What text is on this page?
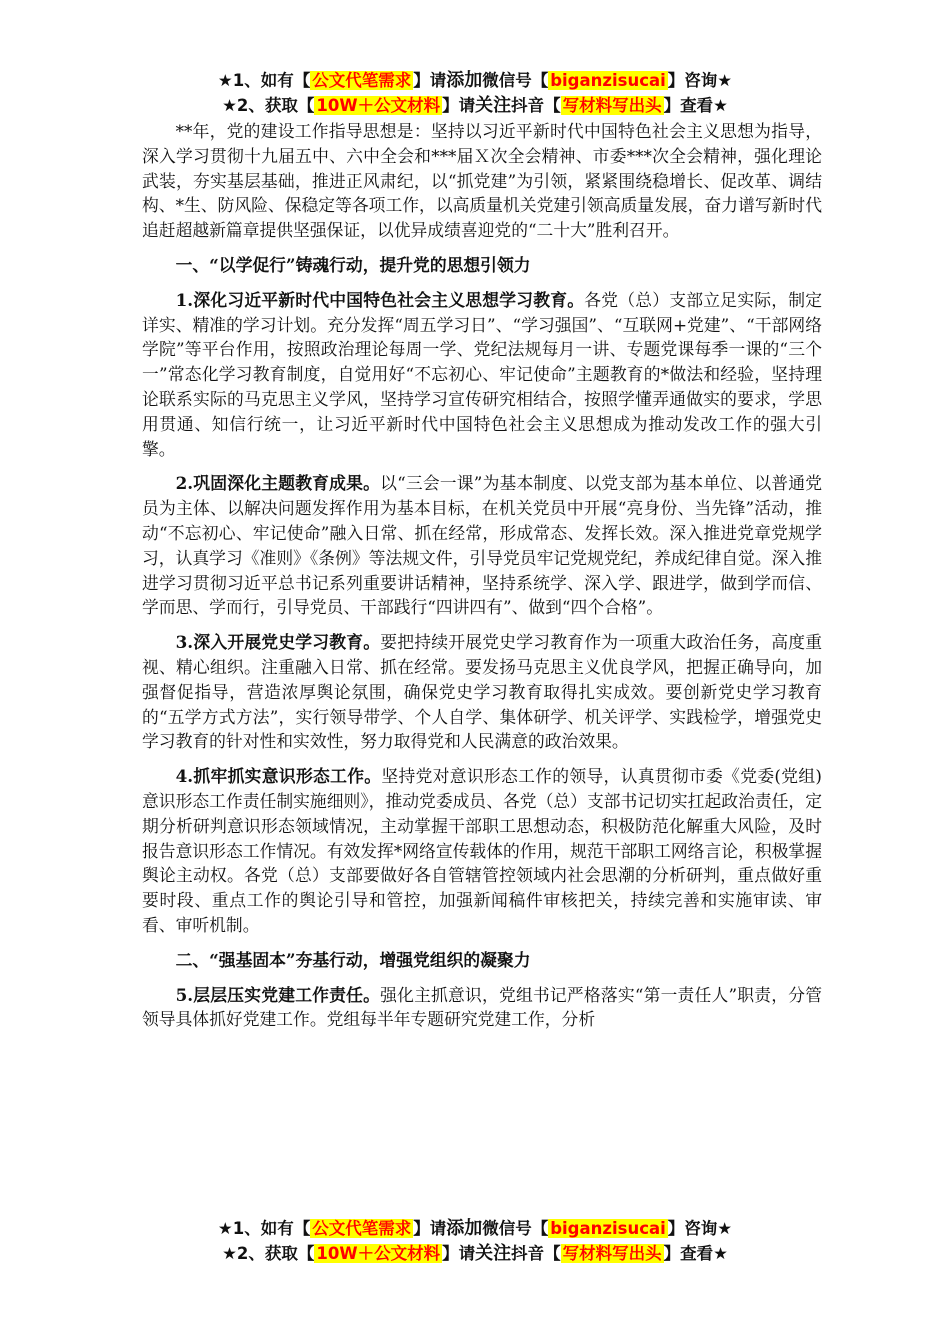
★1、如有【 公文代笔需求 】请添加微信号【 biganzisucai 】咨询★
★2、获取【 10W＋公文材料 】请关注抖音【 写材料写出头 】查看★

**年，党的建设工作指导思想是：坚持以习近平新时代中国特色社会主义思想为指导，深入学习贯彻十九届五中、六中全会和***届Ｘ次全会精神、市委***次全会精神，强化理论武装，夯实基层基础，推进正风肃纪，以“抓党建”为引领，紧紧围绕稳增长、促改革、调结构、*生、防风险、保稳定等各项工作，以高质量机关党建引领高质量发展，奋力谱写新时代追赶超越新篇章提供坚强保证，以优异成绩喜迎党的“二十大”胜利召开。

一、“以学促行”铸魂行动，提升党的思想引领力

1.深化习近平新时代中国特色社会主义思想学习教育。各党（总）支部立足实际，制定详实、精准的学习计划。充分发挥“周五学习日”、“学习强国”、“互联网+党建”、“干部网络学院”等平台作用，按照政治理论每周一学、党纪法规每月一讲、专题党课每季一课的“三个一”常态化学习教育制度，自觉用好“不忘初心、牢记使命”主题教育的*做法和经验，坚持理论联系实际的马克思主义学风，坚持学习宣传研究相结合，按照学懂弄通做实的要求，学思用贯通、知信行统一，让习近平新时代中国特色社会主义思想成为推动发改工作的强大引擎。

2.巩固深化主题教育成果。以“三会一课”为基本制度、以党支部为基本单位、以普通党员为主体、以解决问题发挥作用为基本目标，在机关党员中开展“亮身份、当先锋”活动，推动“不忘初心、牢记使命”融入日常、抓在经常，形成常态、发挥长效。深入推进党章党规学习，认真学习《准则》《条例》等法规文件，引导党员牢记党规党纪，养成纪律自觉。深入推进学习贯彻习近平总书记系列重要讲话精神，坚持系统学、深入学、跟进学，做到学而信、学而思、学而行，引导党员、干部践行“四讲四有”、做到“四个合格”。

3.深入开展党史学习教育。要把持续开展党史学习教育作为一项重大政治任务，高度重视、精心组织。注重融入日常、抓在经常。要发扬马克思主义优良学风，把握正确导向，加强督促指导，营造浓厚舆论氛围，确保党史学习教育取得扎实成效。要创新党史学习教育的“五学方式方法”，实行领导带学、个人自学、集体研学、机关评学、实践检学，增强党史学习教育的针对性和实效性，努力取得党和人民满意的政治效果。

4.抓牢抓实意识形态工作。坚持党对意识形态工作的领导，认真贯彻市委《党委(党组)意识形态工作责任制实施细则》，推动党委成员、各党（总）支部书记切实扛起政治责任，定期分析研判意识形态领域情况，主动掌握干部职工思想动态，积极防范化解重大风险，及时报告意识形态工作情况。有效发挥*网络宣传载体的作用，规范干部职工网络言论，积极掌握舆论主动权。各党（总）支部要做好各自管辖管控领域内社会思潮的分析研判，重点做好重要时段、重点工作的舆论引导和管控，加强新闻稿件审核把关，持续完善和实施审读、审看、审听机制。

二、“强基固本”夯基行动，增强党组织的凝聚力

5.层层压实党建工作责任。强化主抓意识，党组书记严格落实“第一责任人”职责，分管领导具体抓好党建工作。党组每半年专题研究党建工作，分析

★1、如有【 公文代笔需求 】请添加微信号【 biganzisucai 】咨询★
★2、获取【 10W＋公文材料 】请关注抖音【 写材料写出头 】查看★
